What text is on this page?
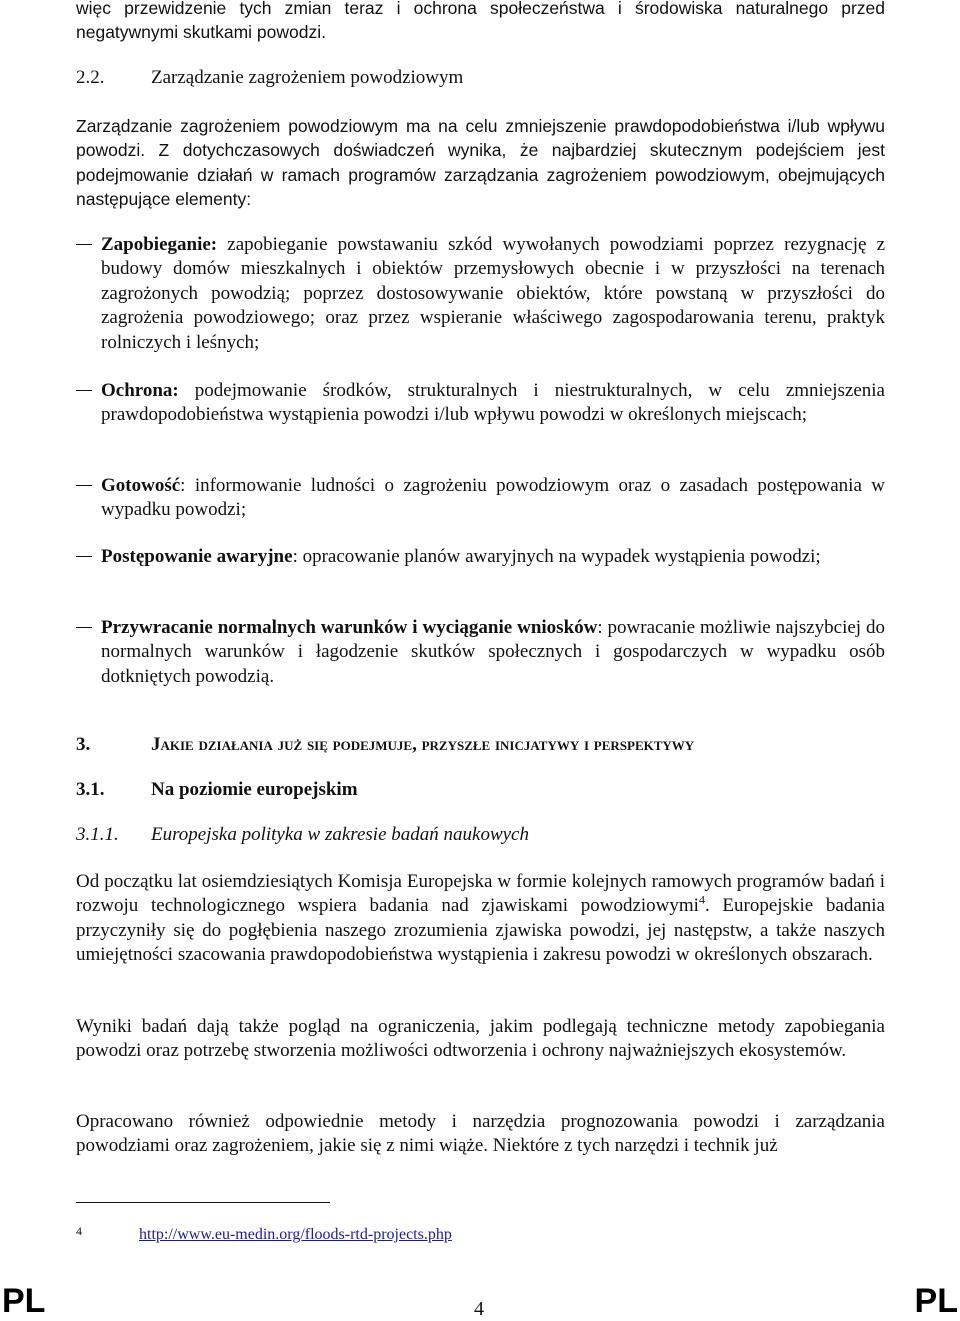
więc przewidzenie tych zmian teraz i ochrona społeczeństwa i środowiska naturalnego przed negatywnymi skutkami powodzi.

2.2. Zarządzanie zagrożeniem powodziowym

Zarządzanie zagrożeniem powodziowym ma na celu zmniejszenie prawdopodobieństwa i/lub wpływu powodzi. Z dotychczasowych doświadczeń wynika, że najbardziej skutecznym podejściem jest podejmowanie działań w ramach programów zarządzania zagrożeniem powodziowym, obejmujących następujące elementy:

Zapobieganie: zapobieganie powstawaniu szkód wywołanych powodziami poprzez rezygnację z budowy domów mieszkalnych i obiektów przemysłowych obecnie i w przyszłości na terenach zagrożonych powodzią; poprzez dostosowywanie obiektów, które powstaną w przyszłości do zagrożenia powodziowego; oraz przez wspieranie właściwego zagospodarowania terenu, praktyk rolniczych i leśnych;

Ochrona: podejmowanie środków, strukturalnych i niestrukturalnych, w celu zmniejszenia prawdopodobieństwa wystąpienia powodzi i/lub wpływu powodzi w określonych miejscach;

Gotowość: informowanie ludności o zagrożeniu powodziowym oraz o zasadach postępowania w wypadku powodzi;

Postępowanie awaryjne: opracowanie planów awaryjnych na wypadek wystąpienia powodzi;

Przywracanie normalnych warunków i wyciąganie wniosków: powracanie możliwie najszybciej do normalnych warunków i łagodzenie skutków społecznych i gospodarczych w wypadku osób dotkniętych powodzią.

3.	Jakie działania już się podejmuje, przyszłe inicjatywy i perspektywy
3.1. Na poziomie europejskim
3.1.1. Europejska polityka w zakresie badań naukowych

Od początku lat osiemdziesiątych Komisja Europejska w formie kolejnych ramowych programów badań i rozwoju technologicznego wspiera badania nad zjawiskami powodziowymi$^4$. Europejskie badania przyczyniły się do pogłębienia naszego zrozumienia zjawiska powodzi, jej następstw, a także naszych umiejętności szacowania prawdopodobieństwa wystąpienia i zakresu powodzi w określonych obszarach.

Wyniki badań dają także pogląd na ograniczenia, jakim podlegają techniczne metody zapobiegania powodzi oraz potrzebę stworzenia możliwości odtworzenia i ochrony najważniejszych ekosystemów.

Opracowano również odpowiednie metody i narzędzia prognozowania powodzi i zarządzania powodziami oraz zagrożeniem, jakie się z nimi wiąże. Niektóre z tych narzędzi i technik już

4	http://www.eu-medin.org/floods-rtd-projects.php
PL	4	PL
